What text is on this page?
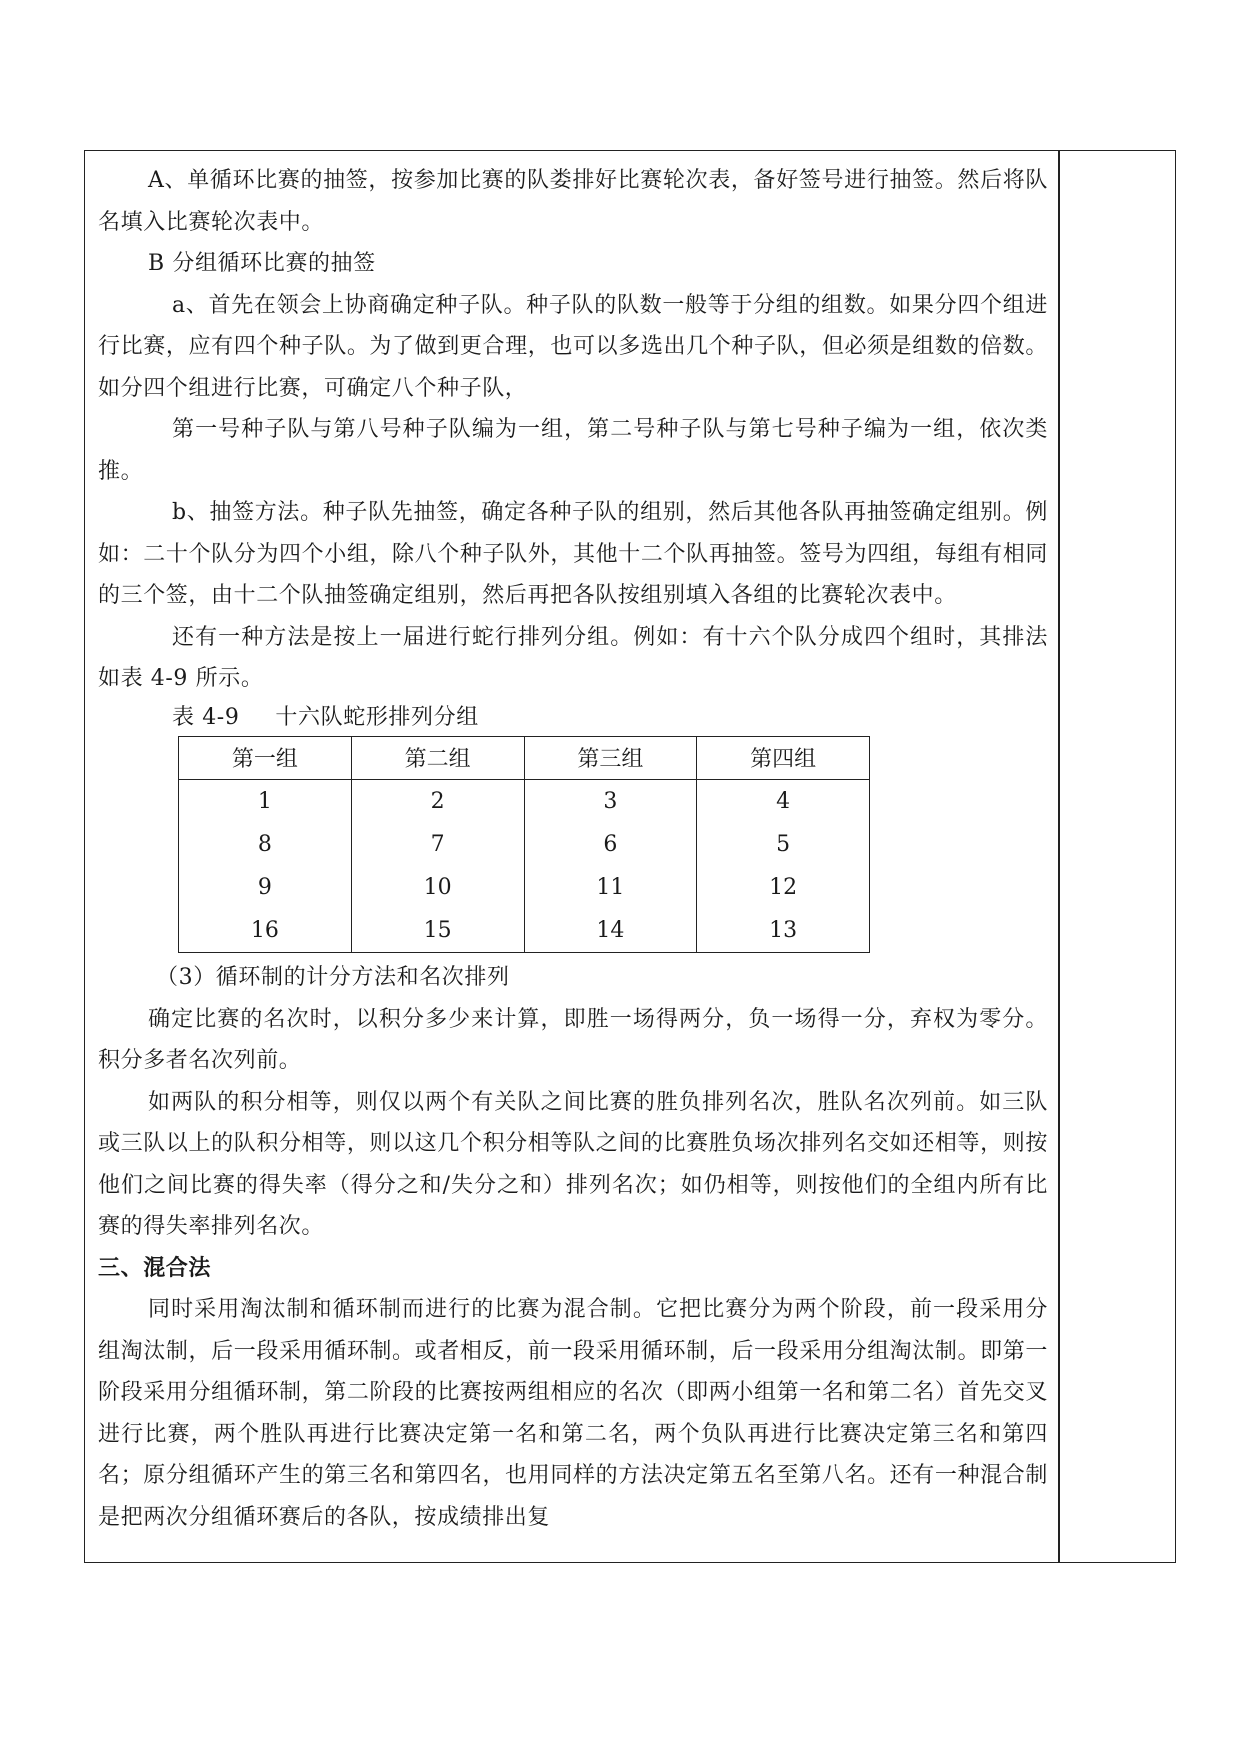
A、单循环比赛的抽签，按参加比赛的队娄排好比赛轮次表，备好签号进行抽签。然后将队名填入比赛轮次表中。

B 分组循环比赛的抽签

a、首先在领会上协商确定种子队。种子队的队数一般等于分组的组数。如果分四个组进行比赛，应有四个种子队。为了做到更合理，也可以多选出几个种子队，但必须是组数的倍数。如分四个组进行比赛，可确定八个种子队，

第一号种子队与第八号种子队编为一组，第二号种子队与第七号种子编为一组，依次类推。

b、抽签方法。种子队先抽签，确定各种子队的组别，然后其他各队再抽签确定组别。例如：二十个队分为四个小组，除八个种子队外，其他十二个队再抽签。签号为四组，每组有相同的三个签，由十二个队抽签确定组别，然后再把各队按组别填入各组的比赛轮次表中。

还有一种方法是按上一届进行蛇行排列分组。例如：有十六个队分成四个组时，其排法如表 4-9 所示。

表 4-9 十六队蛇形排列分组

第一组	第二组	第三组	第四组
1	2	3	4
8	7	6	5
9	10	11	12
16	15	14	13

（3）循环制的计分方法和名次排列

确定比赛的名次时，以积分多少来计算，即胜一场得两分，负一场得一分，弃权为零分。积分多者名次列前。

如两队的积分相等，则仅以两个有关队之间比赛的胜负排列名次，胜队名次列前。如三队或三队以上的队积分相等，则以这几个积分相等队之间的比赛胜负场次排列名交如还相等，则按他们之间比赛的得失率（得分之和/失分之和）排列名次；如仍相等，则按他们的全组内所有比赛的得失率排列名次。

三、混合法

同时采用淘汰制和循环制而进行的比赛为混合制。它把比赛分为两个阶段，前一段采用分组淘汰制，后一段采用循环制。或者相反，前一段采用循环制，后一段采用分组淘汰制。即第一阶段采用分组循环制，第二阶段的比赛按两组相应的名次（即两小组第一名和第二名）首先交叉进行比赛，两个胜队再进行比赛决定第一名和第二名，两个负队再进行比赛决定第三名和第四名；原分组循环产生的第三名和第四名，也用同样的方法决定第五名至第八名。还有一种混合制是把两次分组循环赛后的各队，按成绩排出复
